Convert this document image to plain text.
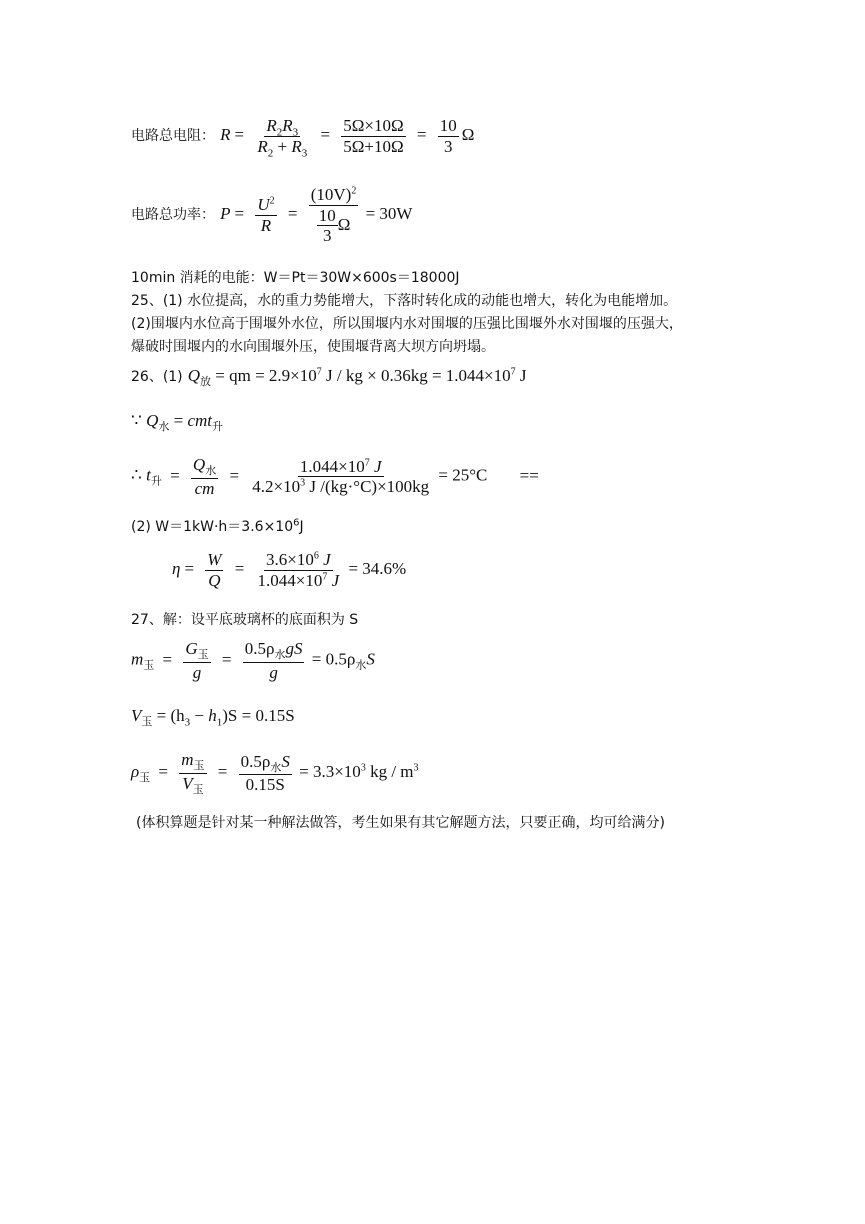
电路总电阻： $R = \frac{R_2R_3}{R_2 + R_3} = \frac{5\Omega\times 10\Omega}{5\Omega+10\Omega} = \frac{10}{3}$ Ω
电路总功率： $P = \frac{U^2}{R} = \frac{(10V)^2}{\frac{10}{3} \Omega} = 30W$
10min 消耗的电能：W＝Pt＝30W×600s＝18000J
25、(1) 水位提高，水的重力势能增大，下落时转化成的动能也增大，转化为电能增加。
(2)围堰内水位高于围堰外水位，所以围堰内水对围堰的压强比围堰外水对围堰的压强大，
爆破时围堰内的水向围堰外压，使围堰背离大坝方向坍塌。
26、(1) $Q_放$ = qm = $2.9\times 10^7$ J / kg × $0.36kg = 1.044\times 10^7$ J
∵ $Q_水 = cmt_升$
∴ $t_升 = \frac{Q_水}{cm} = \frac{1.044\times 10^7 J}{4.2\times 10^3 J /(kg\cdot^\circ C)\times 100kg} = 25^\circ C$ ==
(2) $W=1kW\cdot h=3.6\times 10^6J$
$\eta = \frac{W}{Q} = \frac{3.6\times 10^6 J}{1.044\times 10^7 J} = 34.6\%$
27、解：设平底玻璃杯的底面积为 S
$m_玉 = \frac{G_玉}{g} = \frac{0.5\rho_水gS}{g} = 0.5\rho_水S$
$V_玉 = (h_3 - h_1)S = 0.15S$
$\rho_玉 = \frac{m_玉}{V_玉} = \frac{0.5\rho_水S}{0.15S} = 3.3\times 10^3$ kg / $m^3$
(体积算题是针对某一种解法做答，考生如果有其它解题方法，只要正确，均可给满分)
